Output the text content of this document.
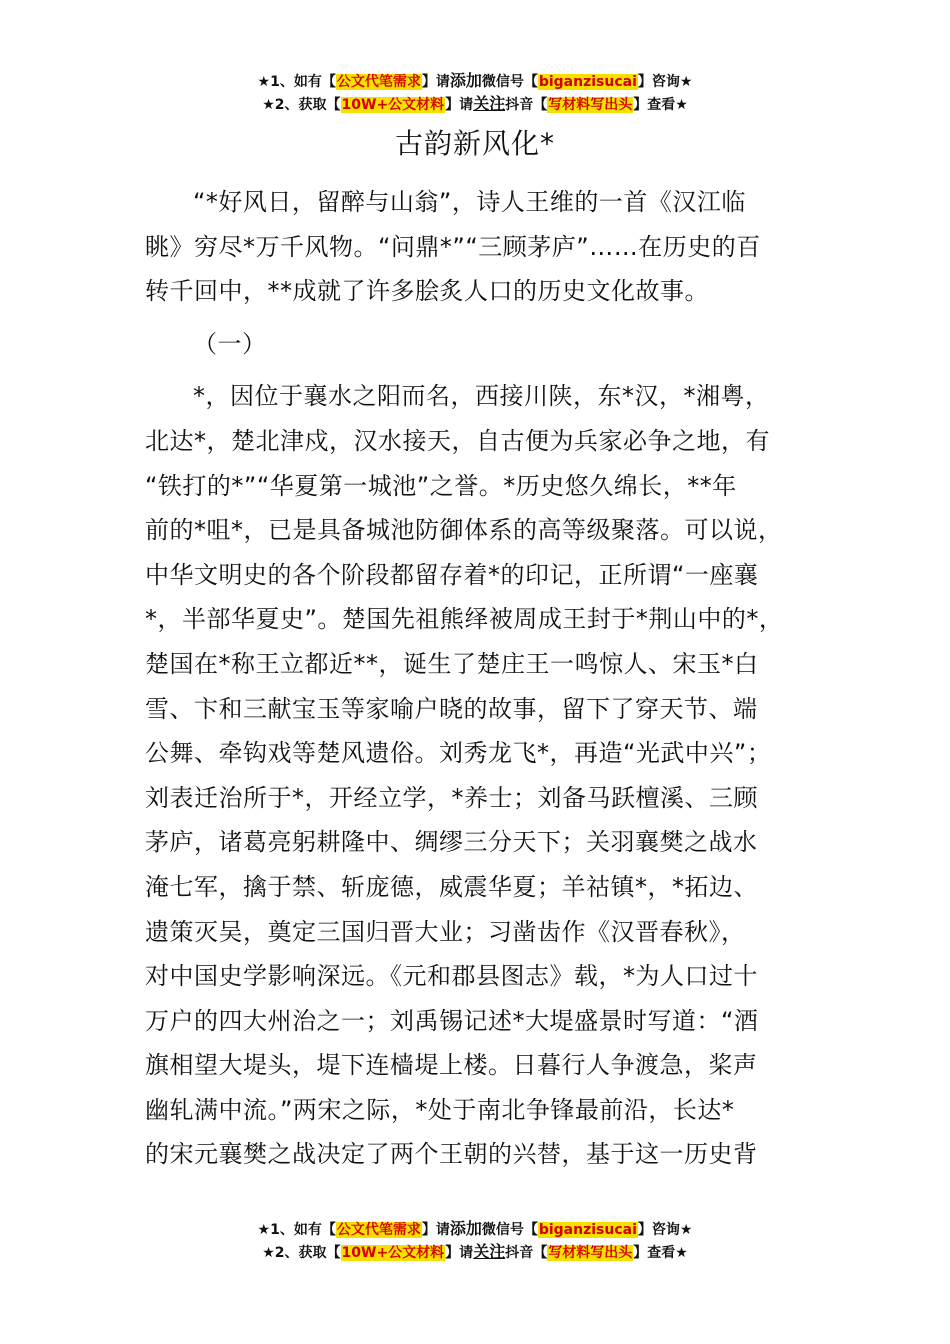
★1、如有【公文代笔需求】请添加微信号【biganzisucai】咨询★
★2、获取【10W+公文材料】请关注抖音【写材料写出头】查看★
古韵新风化*
“*好风日，留醉与山翁”，诗人王维的一首《汉江临
眺》穷尽*万千风物。“问鼎*”“三顾茅庐”……在历史的百
转千回中，**成就了许多脍炙人口的历史文化故事。
（一）
*，因位于襄水之阳而名，西接川陕，东*汉，*湘粤，
北达*，楚北津戍，汉水接天，自古便为兵家必争之地，有
“铁打的*”“华夏第一城池”之誉。*历史悠久绵长，**年
前的*咀*，已是具备城池防御体系的高等级聚落。可以说，
中华文明史的各个阶段都留存着*的印记，正所谓“一座襄
*，半部华夏史”。楚国先祖熊绎被周成王封于*荆山中的*，
楚国在*称王立都近**，诞生了楚庄王一鸣惊人、宋玉*白
雪、卞和三献宝玉等家喻户晓的故事，留下了穿天节、端
公舞、牵钩戏等楚风遗俗。刘秀龙飞*，再造“光武中兴”；
刘表迁治所于*，开经立学，*养士；刘备马跃檀溪、三顾
茅庐，诸葛亮躬耕隆中、绸缪三分天下；关羽襄樊之战水
淹七军，擒于禁、斩庞德，威震华夏；羊祜镇*，*拓边、
遗策灭吴，奠定三国归晋大业；习凿齿作《汉晋春秋》，
对中国史学影响深远。《元和郡县图志》载，*为人口过十
万户的四大州治之一；刘禹锡记述*大堤盛景时写道：“酒
旗相望大堤头，堤下连樯堤上楼。日暮行人争渡急，桨声
幽轧满中流。”两宋之际，*处于南北争锋最前沿，长达*
的宋元襄樊之战决定了两个王朝的兴替，基于这一历史背
★1、如有【公文代笔需求】请添加微信号【biganzisucai】咨询★
★2、获取【10W+公文材料】请关注抖音【写材料写出头】查看★
